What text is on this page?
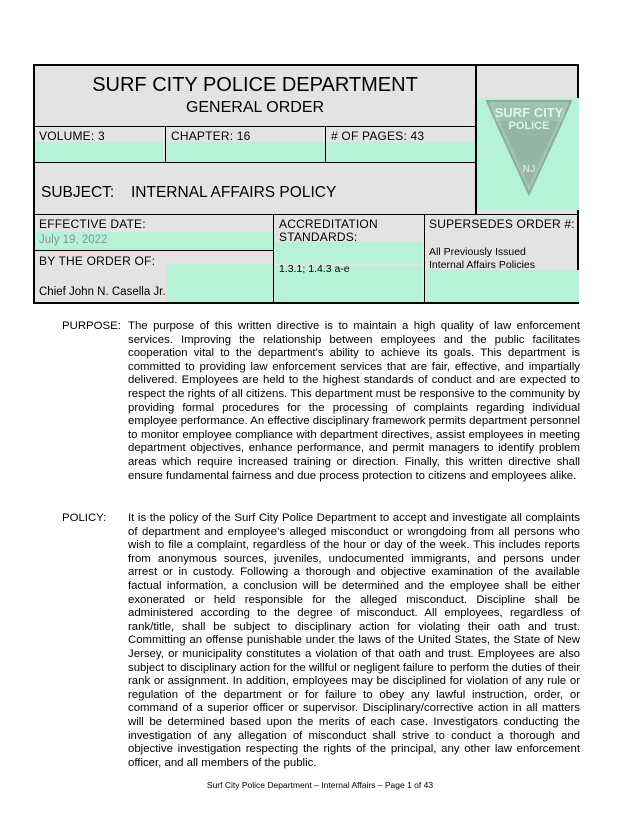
SURF CITY POLICE DEPARTMENT
GENERAL ORDER
VOLUME: 3	CHAPTER: 16	# OF PAGES: 43
SUBJECT: INTERNAL AFFAIRS POLICY
EFFECTIVE DATE:
July 19, 2022
ACCREDITATION
STANDARDS:
1.3.1; 1.4.3 a-e
SUPERSEDES ORDER #:
All Previously Issued
Internal Affairs Policies
BY THE ORDER OF:
Chief John N. Casella Jr.
PURPOSE: The purpose of this written directive is to maintain a high quality of law enforcement services. Improving the relationship between employees and the public facilitates cooperation vital to the department's ability to achieve its goals. This department is committed to providing law enforcement services that are fair, effective, and impartially delivered. Employees are held to the highest standards of conduct and are expected to respect the rights of all citizens. This department must be responsive to the community by providing formal procedures for the processing of complaints regarding individual employee performance. An effective disciplinary framework permits department personnel to monitor employee compliance with department directives, assist employees in meeting department objectives, enhance performance, and permit managers to identify problem areas which require increased training or direction. Finally, this written directive shall ensure fundamental fairness and due process protection to citizens and employees alike.
POLICY: It is the policy of the Surf City Police Department to accept and investigate all complaints of department and employee’s alleged misconduct or wrongdoing from all persons who wish to file a complaint, regardless of the hour or day of the week. This includes reports from anonymous sources, juveniles, undocumented immigrants, and persons under arrest or in custody. Following a thorough and objective examination of the available factual information, a conclusion will be determined and the employee shall be either exonerated or held responsible for the alleged misconduct. Discipline shall be administered according to the degree of misconduct. All employees, regardless of rank/title, shall be subject to disciplinary action for violating their oath and trust. Committing an offense punishable under the laws of the United States, the State of New Jersey, or municipality constitutes a violation of that oath and trust. Employees are also subject to disciplinary action for the willful or negligent failure to perform the duties of their rank or assignment. In addition, employees may be disciplined for violation of any rule or regulation of the department or for failure to obey any lawful instruction, order, or command of a superior officer or supervisor. Disciplinary/corrective action in all matters will be determined based upon the merits of each case. Investigators conducting the investigation of any allegation of misconduct shall strive to conduct a thorough and objective investigation respecting the rights of the principal, any other law enforcement officer, and all members of the public.
Surf City Police Department – Internal Affairs – Page 1 of 43
